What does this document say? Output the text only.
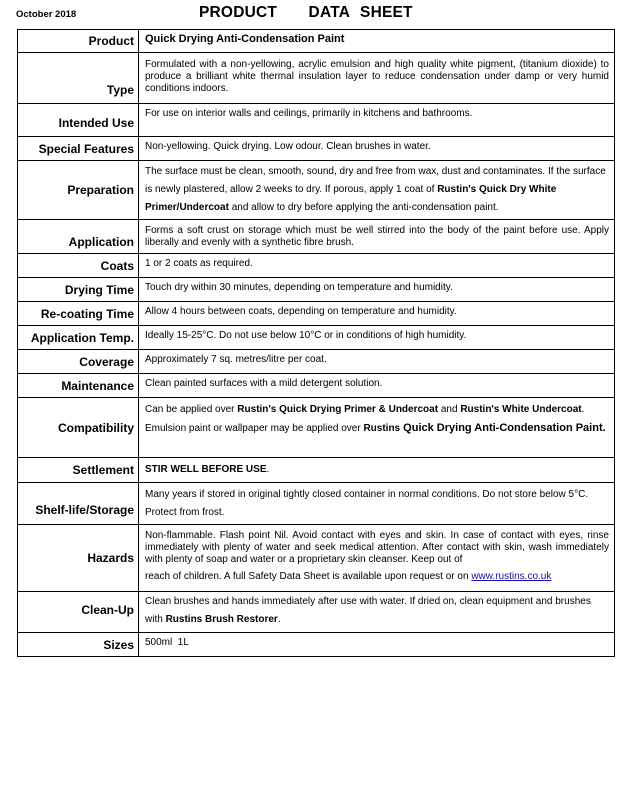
October 2018	PRODUCT   DATA SHEET
Product	Quick Drying Anti-Condensation Paint
Type	Formulated with a non-yellowing, acrylic emulsion and high quality white pigment, (titanium dioxide) to produce a brilliant white thermal insulation layer to reduce condensation under damp or very humid conditions indoors.
Intended Use	For use on interior walls and ceilings, primarily in kitchens and bathrooms.
Special Features	Non-yellowing. Quick drying. Low odour. Clean brushes in water.
Preparation	The surface must be clean, smooth, sound, dry and free from wax, dust and contaminates. If the surface is newly plastered, allow 2 weeks to dry. If porous, apply 1 coat of Rustin's Quick Dry White Primer/Undercoat and allow to dry before applying the anti-condensation paint.
Application	Forms a soft crust on storage which must be well stirred into the body of the paint before use. Apply liberally and evenly with a synthetic fibre brush.
Coats	1 or 2 coats as required.
Drying Time	Touch dry within 30 minutes, depending on temperature and humidity.
Re-coating Time	Allow 4 hours between coats, depending on temperature and humidity.
Application Temp.	Ideally 15-25°C. Do not use below 10°C or in conditions of high humidity.
Coverage	Approximately 7 sq. metres/litre per coat.
Maintenance	Clean painted surfaces with a mild detergent solution.
Compatibility	Can be applied over Rustin's Quick Drying Primer & Undercoat and Rustin's White Undercoat. Emulsion paint or wallpaper may be applied over Rustins Quick Drying Anti-Condensation Paint.
Settlement	STIR WELL BEFORE USE.
Shelf-life/Storage	Many years if stored in original tightly closed container in normal conditions. Do not store below 5°C. Protect from frost.
Hazards	Non-flammable. Flash point Nil. Avoid contact with eyes and skin. In case of contact with eyes, rinse immediately with plenty of water and seek medical attention. After contact with skin, wash immediately with plenty of soap and water or a proprietary skin cleanser. Keep out of
reach of children. A full Safety Data Sheet is available upon request or on www.rustins.co.uk

Clean-Up	Clean brushes and hands immediately after use with water. If dried on, clean equipment and brushes with Rustins Brush Restorer.
Sizes	500ml  1L
